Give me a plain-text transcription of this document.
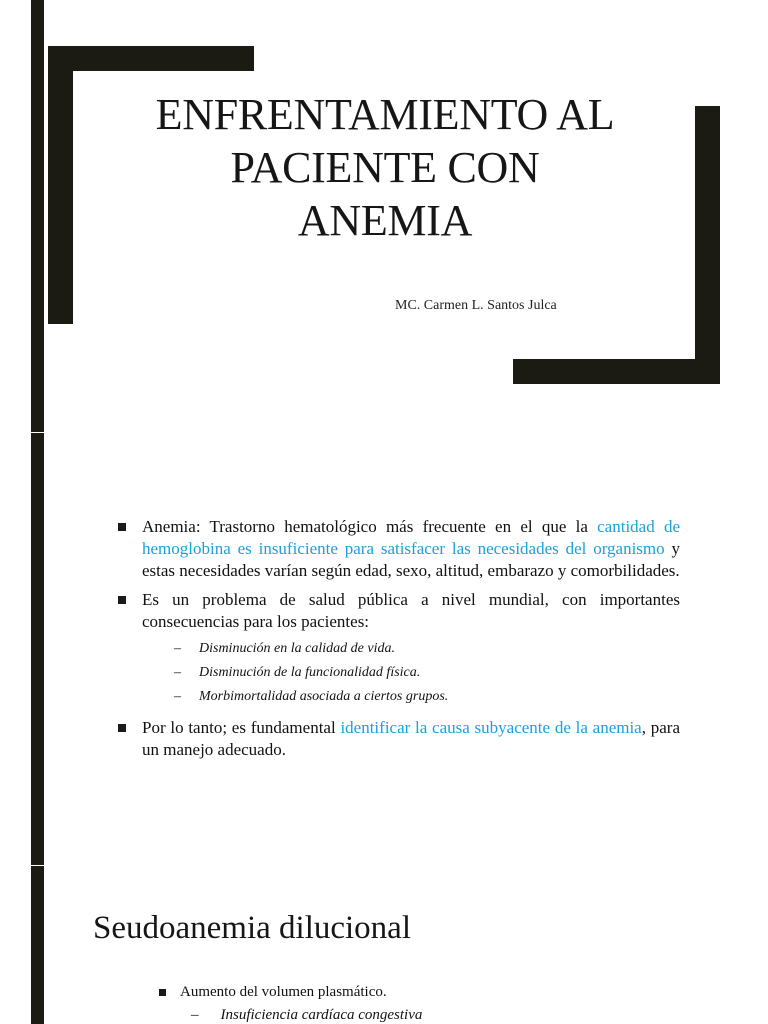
ENFRENTAMIENTO AL
PACIENTE CON
ANEMIA
MC. Carmen L. Santos Julca
Anemia: Trastorno hematológico más frecuente en el que la cantidad de hemoglobina es insuficiente para satisfacer las necesidades del organismo y estas necesidades varían según edad, sexo, altitud, embarazo y comorbilidades.
Es un problema de salud pública a nivel mundial, con importantes consecuencias para los pacientes:
– Disminución en la calidad de vida.
– Disminución de la funcionalidad física.
– Morbimortalidad asociada a ciertos grupos.
Por lo tanto; es fundamental identificar la causa subyacente de la anemia, para un manejo adecuado.
Seudoanemia dilucional
Aumento del volumen plasmático.
– Insuficiencia cardíaca congestiva
